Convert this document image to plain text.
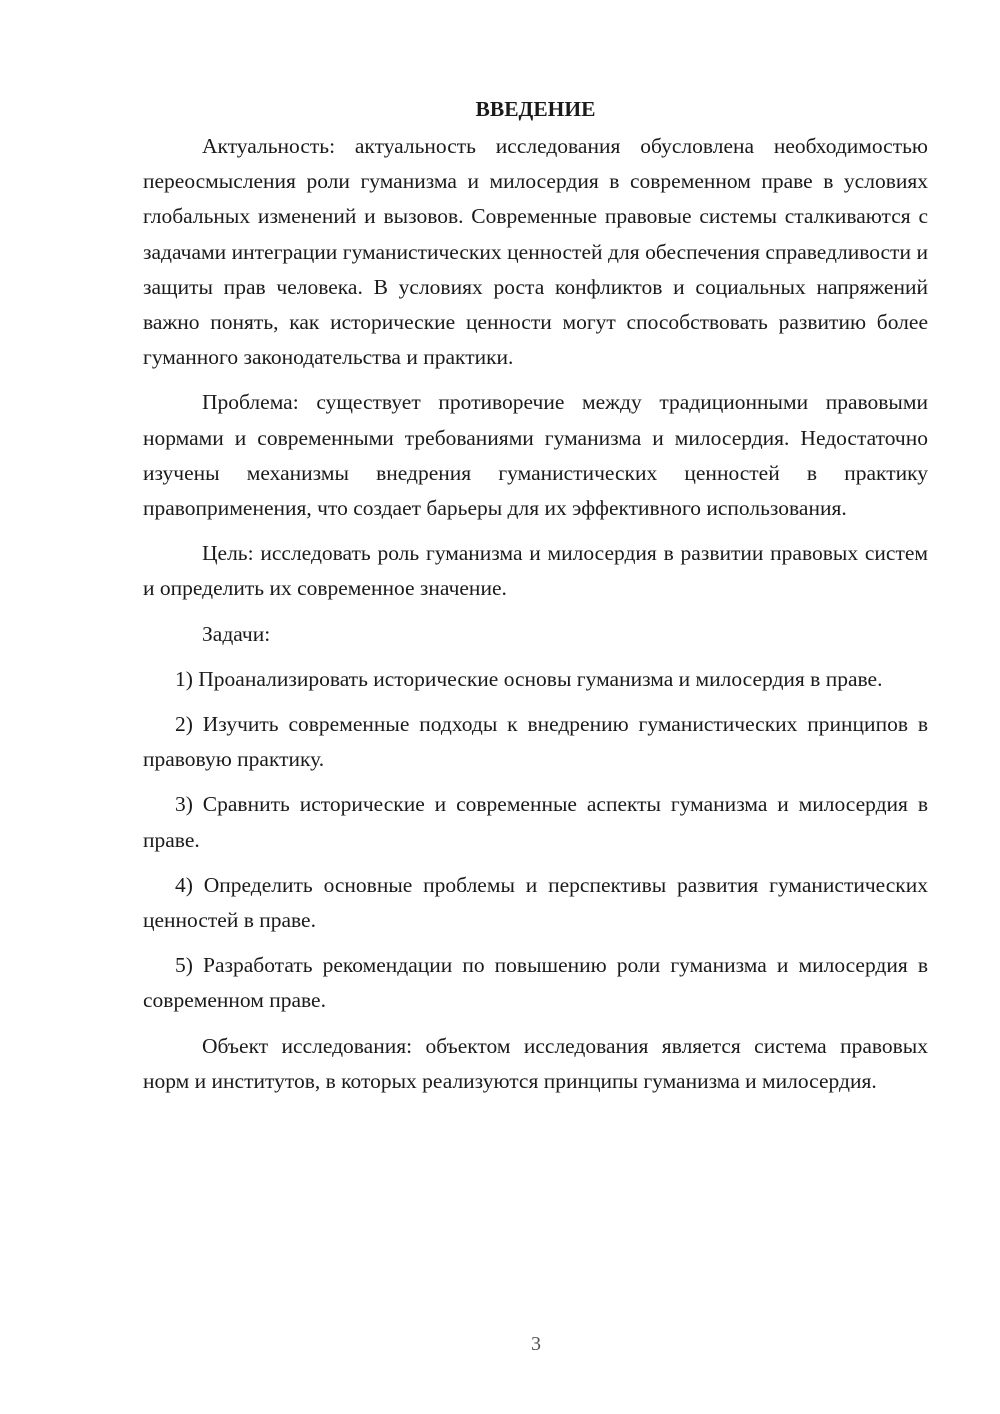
ВВЕДЕНИЕ

Актуальность: актуальность исследования обусловлена необходимостью переосмысления роли гуманизма и милосердия в современном праве в условиях глобальных изменений и вызовов. Современные правовые системы сталкиваются с задачами интеграции гуманистических ценностей для обеспечения справедливости и защиты прав человека. В условиях роста конфликтов и социальных напряжений важно понять, как исторические ценности могут способствовать развитию более гуманного законодательства и практики.

Проблема: существует противоречие между традиционными правовыми нормами и современными требованиями гуманизма и милосердия. Недостаточно изучены механизмы внедрения гуманистических ценностей в практику правоприменения, что создает барьеры для их эффективного использования.

Цель: исследовать роль гуманизма и милосердия в развитии правовых систем и определить их современное значение.

Задачи:

1) Проанализировать исторические основы гуманизма и милосердия в праве.

2) Изучить современные подходы к внедрению гуманистических принципов в правовую практику.

3) Сравнить исторические и современные аспекты гуманизма и милосердия в праве.

4) Определить основные проблемы и перспективы развития гуманистических ценностей в праве.

5) Разработать рекомендации по повышению роли гуманизма и милосердия в современном праве.

Объект исследования: объектом исследования является система правовых норм и институтов, в которых реализуются принципы гуманизма и милосердия.

3
